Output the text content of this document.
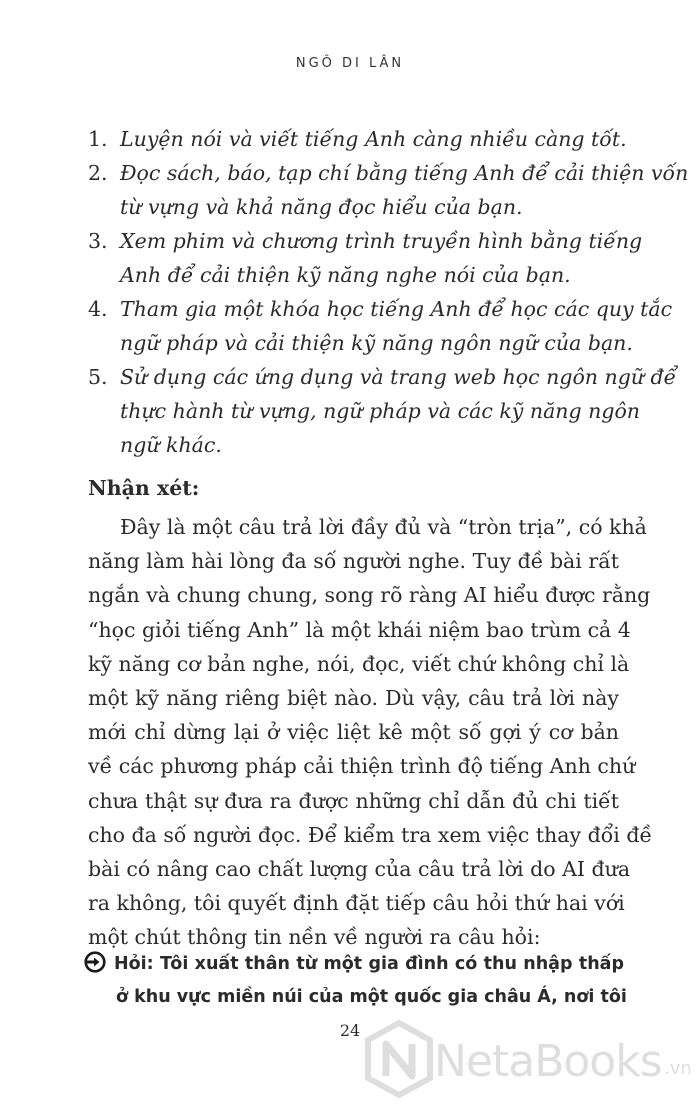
NGÔ DI LÂN
1. Luyện nói và viết tiếng Anh càng nhiều càng tốt.
2. Đọc sách, báo, tạp chí bằng tiếng Anh để cải thiện vốn
từ vựng và khả năng đọc hiểu của bạn.
3. Xem phim và chương trình truyền hình bằng tiếng
Anh để cải thiện kỹ năng nghe nói của bạn.
4. Tham gia một khóa học tiếng Anh để học các quy tắc
ngữ pháp và cải thiện kỹ năng ngôn ngữ của bạn.
5. Sử dụng các ứng dụng và trang web học ngôn ngữ để
thực hành từ vựng, ngữ pháp và các kỹ năng ngôn
ngữ khác.
Nhận xét:
Đây là một câu trả lời đầy đủ và “tròn trịa”, có khả
năng làm hài lòng đa số người nghe. Tuy đề bài rất
ngắn và chung chung, song rõ ràng AI hiểu được rằng
“học giỏi tiếng Anh” là một khái niệm bao trùm cả 4
kỹ năng cơ bản nghe, nói, đọc, viết chứ không chỉ là
một kỹ năng riêng biệt nào. Dù vậy, câu trả lời này
mới chỉ dừng lại ở việc liệt kê một số gợi ý cơ bản
về các phương pháp cải thiện trình độ tiếng Anh chứ
chưa thật sự đưa ra được những chỉ dẫn đủ chi tiết
cho đa số người đọc. Để kiểm tra xem việc thay đổi đề
bài có nâng cao chất lượng của câu trả lời do AI đưa
ra không, tôi quyết định đặt tiếp câu hỏi thứ hai với
một chút thông tin nền về người ra câu hỏi:
Hỏi: Tôi xuất thân từ một gia đình có thu nhập thấp
ở khu vực miền núi của một quốc gia châu Á, nơi tôi
24
NetaBooks .vn
